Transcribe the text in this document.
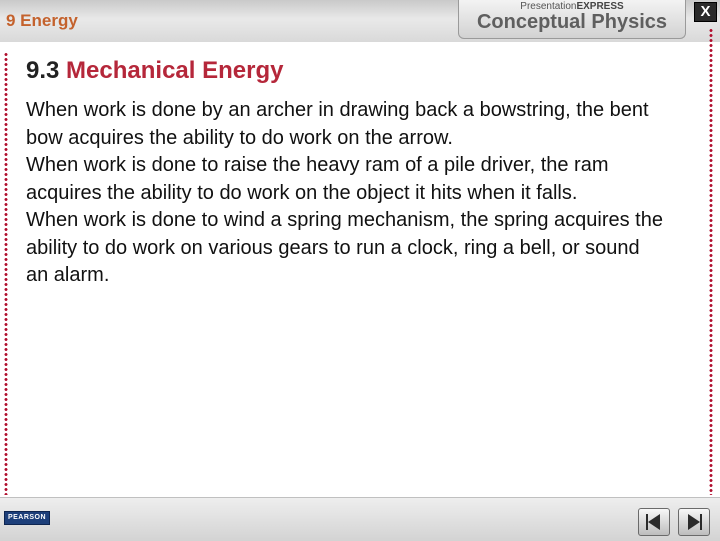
9 Energy
PresentationEXPRESS
Conceptual Physics	X
9.3 Mechanical Energy

When work is done by an archer in drawing back a bowstring, the bent bow acquires the ability to do work on the arrow.

When work is done to raise the heavy ram of a pile driver, the ram acquires the ability to do work on the object it hits when it falls.

When work is done to wind a spring mechanism, the spring acquires the ability to do work on various gears to run a clock, ring a bell, or sound an alarm.

PEARSON
